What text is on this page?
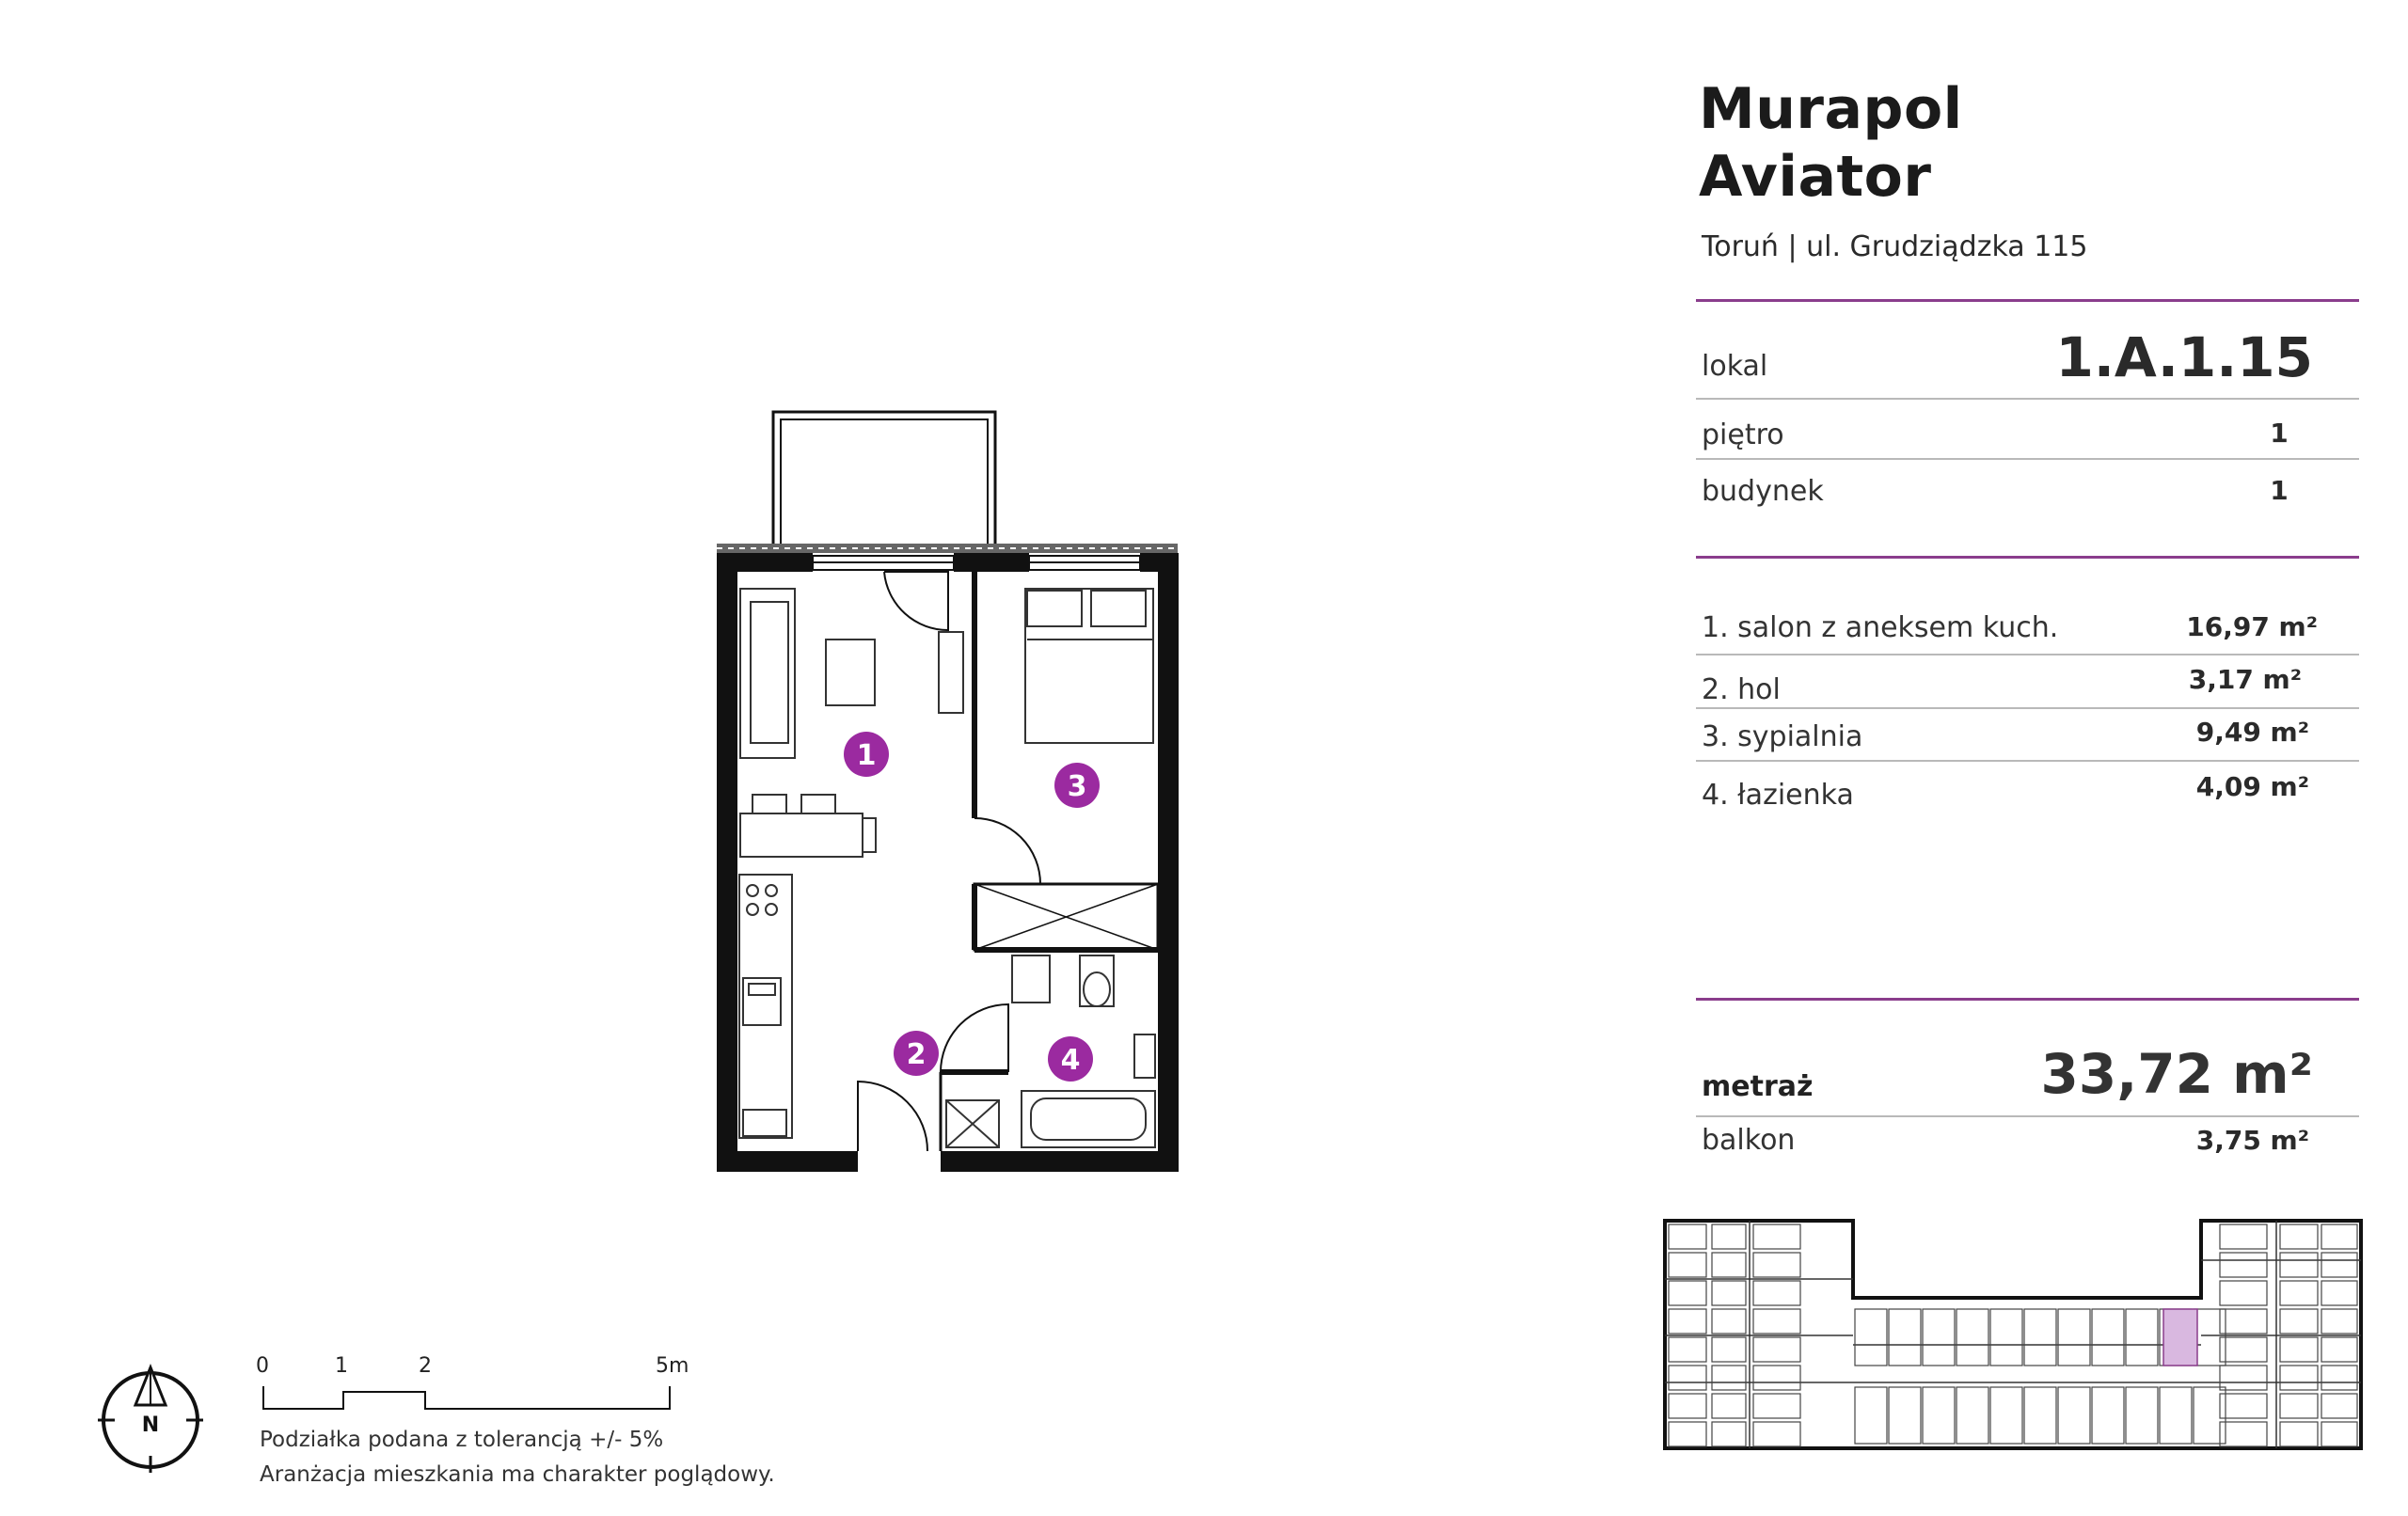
Murapol
Aviator
Toruń | ul. Grudziądzka 115
lokal	1.A.1.15
piętro	1
budynek	1
1. salon z aneksem kuch.	16,97 m²
2. hol	3,17 m²
3. sypialnia	9,49 m²
4. łazienka	4,09 m²
metraż	33,72 m²
balkon	3,75 m²
1
2
3
4
N
0	1	2	5m
Podziałka podana z tolerancją +/- 5%
Aranżacja mieszkania ma charakter poglądowy.
